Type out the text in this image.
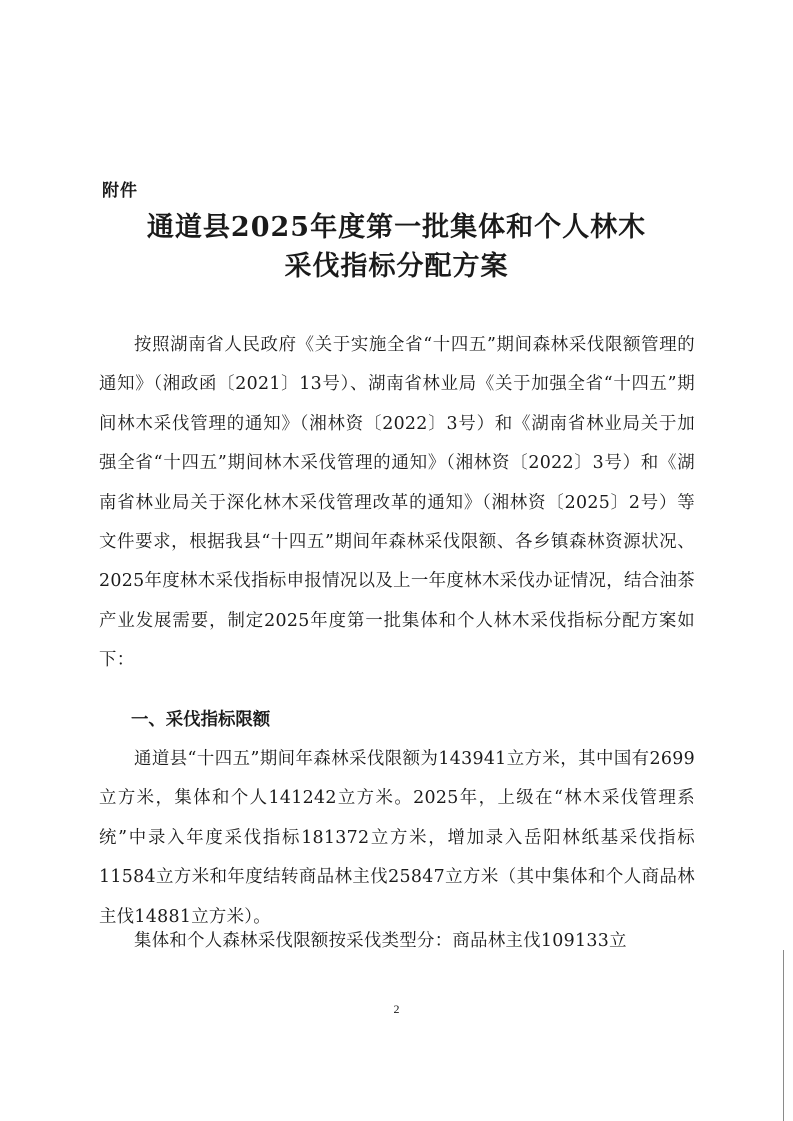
附件
通道县2025年度第一批集体和个人林木
采伐指标分配方案

按照湖南省人民政府《关于实施全省“十四五”期间森林采伐限额管理的通知》（湘政函〔2021〕13号）、湖南省林业局《关于加强全省“十四五”期间林木采伐管理的通知》（湘林资〔2022〕3号）和《湖南省林业局关于加强全省“十四五”期间林木采伐管理的通知》（湘林资〔2022〕3号）和《湖南省林业局关于深化林木采伐管理改革的通知》（湘林资〔2025〕2号）等文件要求，根据我县“十四五”期间年森林采伐限额、各乡镇森林资源状况、2025年度林木采伐指标申报情况以及上一年度林木采伐办证情况，结合油茶产业发展需要，制定2025年度第一批集体和个人林木采伐指标分配方案如下：

一、采伐指标限额

通道县“十四五”期间年森林采伐限额为143941立方米，其中国有2699立方米，集体和个人141242立方米。2025年，上级在“林木采伐管理系统”中录入年度采伐指标181372立方米，增加录入岳阳林纸基采伐指标11584立方米和年度结转商品林主伐25847立方米（其中集体和个人商品林主伐14881立方米）。

集体和个人森林采伐限额按采伐类型分：商品林主伐109133立

2
